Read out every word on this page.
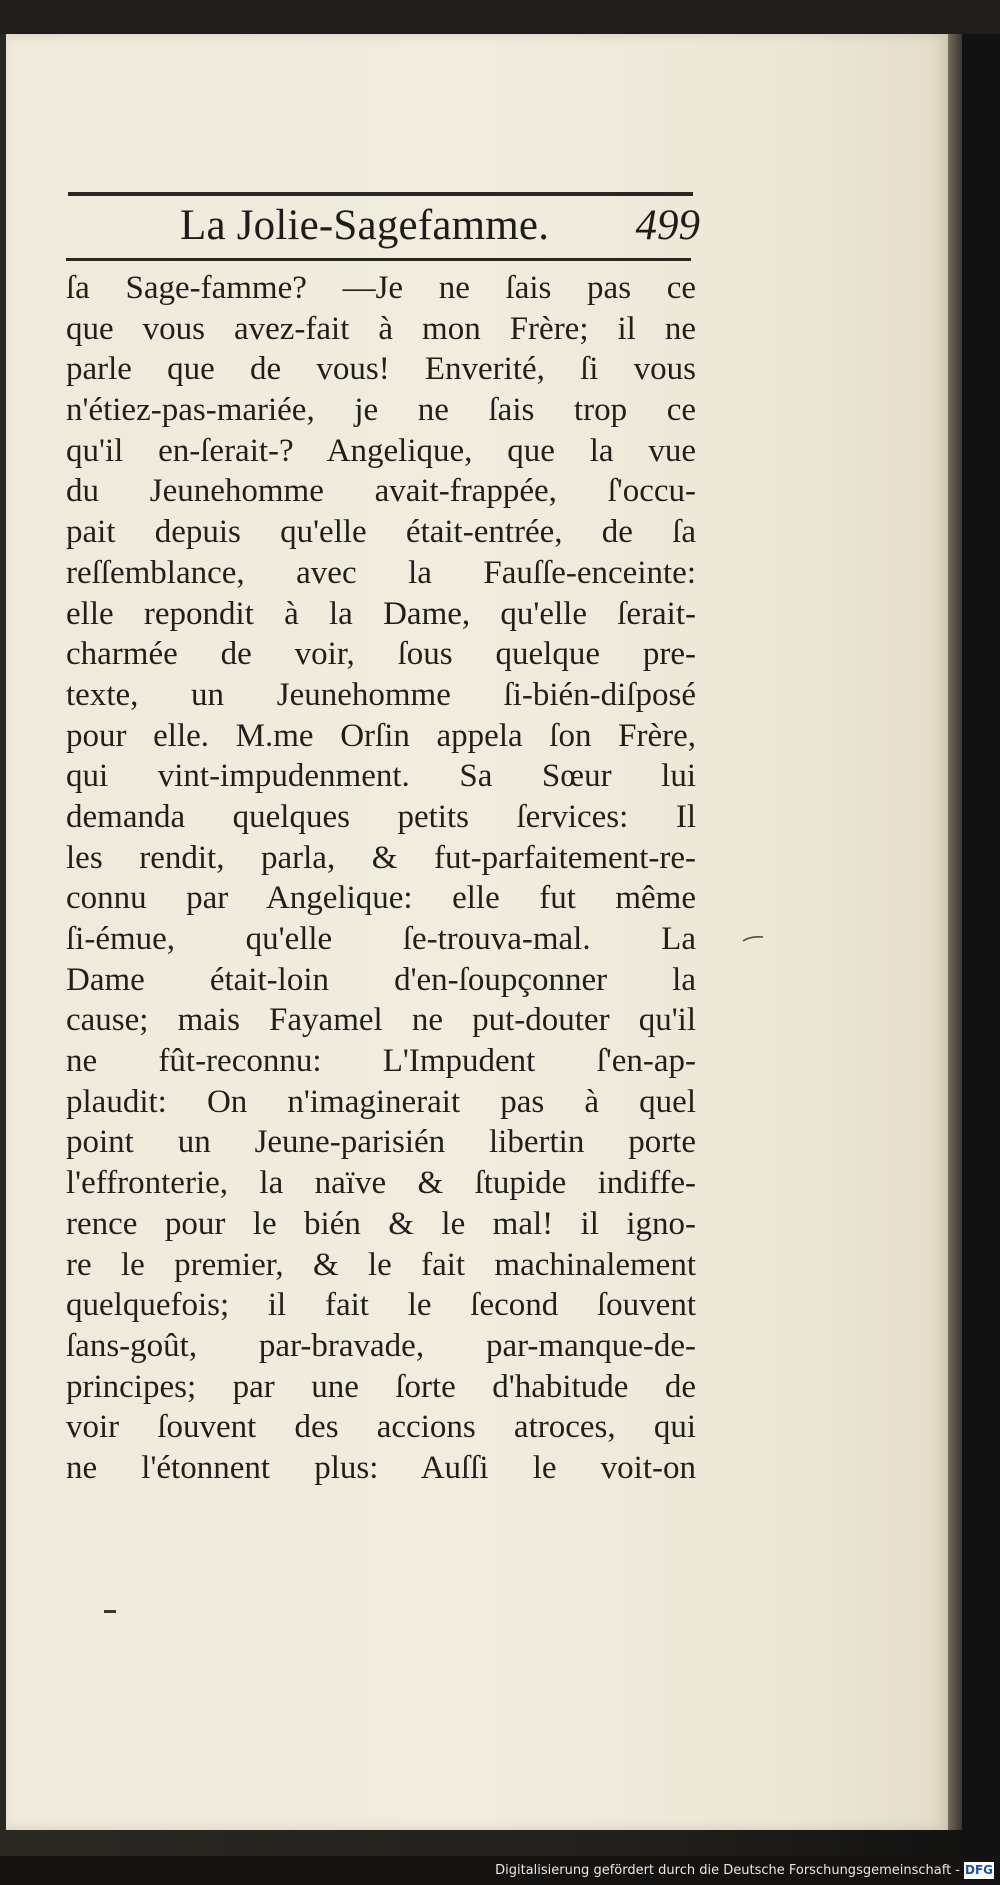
La Jolie-Sagefamme.	499
ſa Sage-famme? —Je ne ſais pas ce
que vous avez-fait à mon Frère; il ne
parle que de vous! Enverité, ſi vous
n'étiez-pas-mariée, je ne ſais trop ce
qu'il en-ſerait-? Angelique, que la vue
du Jeunehomme avait-frappée, ſ'occu-
pait depuis qu'elle était-entrée, de ſa
reſſemblance, avec la Fauſſe-enceinte:
elle repondit à la Dame, qu'elle ſerait-
charmée de voir, ſous quelque pre-
texte, un Jeunehomme ſi-bién-diſposé
pour elle. M.me Orſin appela ſon Frère,
qui vint-impudenment. Sa Sœur lui
demanda quelques petits ſervices: Il
les rendit, parla, & fut-parfaitement-re-
connu par Angelique: elle fut même
ſi-émue, qu'elle ſe-trouva-mal. La
Dame était-loin d'en-ſoupçonner la
cause; mais Fayamel ne put-douter qu'il
ne fût-reconnu: L'Impudent ſ'en-ap-
plaudit: On n'imaginerait pas à quel
point un Jeune-parisién libertin porte
l'effronterie, la naïve & ſtupide indiffe-
rence pour le bién & le mal! il igno-
re le premier, & le fait machinalement
quelquefois; il fait le ſecond ſouvent
ſans-goût, par-bravade, par-manque-de-
principes; par une ſorte d'habitude de
voir ſouvent des accions atroces, qui
ne l'étonnent plus: Auſſi le voit-on
Digitalisierung gefördert durch die Deutsche Forschungsgemeinschaft - DFG
